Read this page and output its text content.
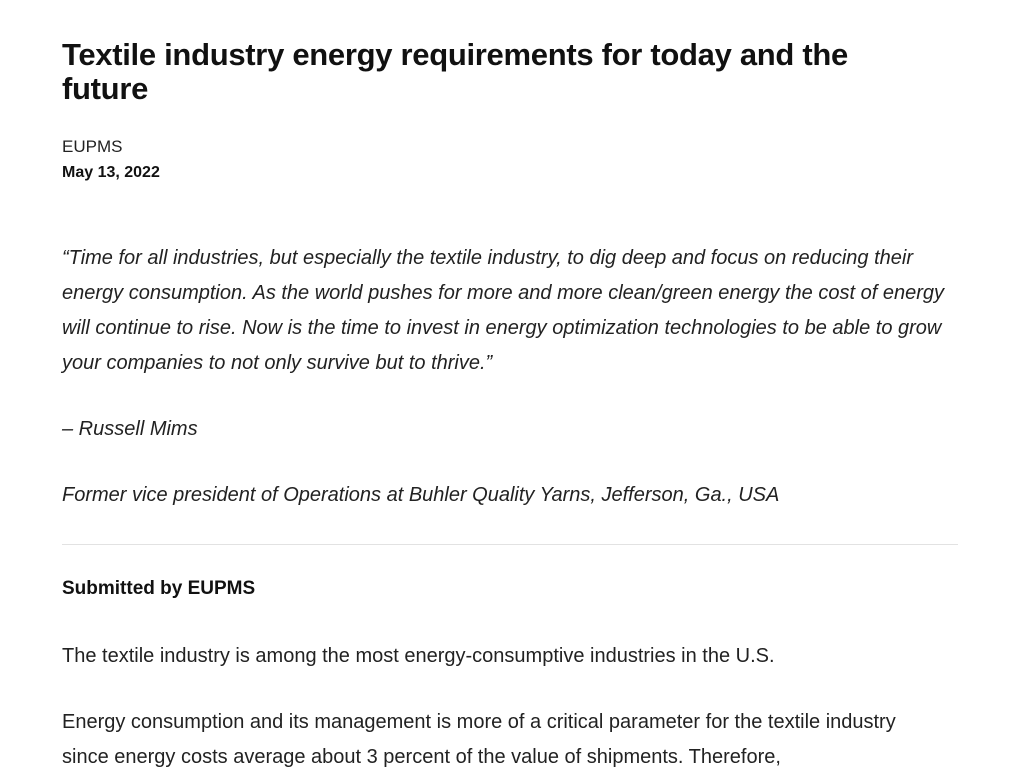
Textile industry energy requirements for today and the future
EUPMS
May 13, 2022
“Time for all industries, but especially the textile industry, to dig deep and focus on reducing their energy consumption. As the world pushes for more and more clean/green energy the cost of energy will continue to rise. Now is the time to invest in energy optimization technologies to be able to grow your companies to not only survive but to thrive.”
– Russell Mims
Former vice president of Operations at Buhler Quality Yarns, Jefferson, Ga., USA
Submitted by EUPMS

The textile industry is among the most energy-consumptive industries in the U.S.

Energy consumption and its management is more of a critical parameter for the textile industry since energy costs average about 3 percent of the value of shipments. Therefore,
